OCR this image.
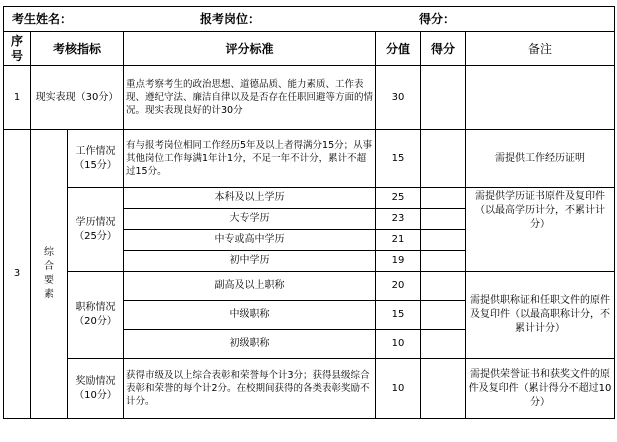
考生姓名： 报考岗位： 得分：						

序号	考核指标		评分标准	分值	得分	备注
1	现实表现（30分）		重点考察考生的政治思想、道德品质、能力素质、工作表现、遵纪守法、廉洁自律以及是否存在任职回避等方面的情况。现实表现良好的计30分	30		
3	综合要素	工作情况（15分）	有与报考岗位相同工作经历5年及以上者得满分15分；从事其他岗位工作每满1年计1分，不足一年不计分，累计不超过15分。	15		需提供工作经历证明
		学历情况（25分）	本科及以上学历	25		需提供学历证书原件及复印件（以最高学历计分，不累计计分）
			大专学历	23		
			中专或高中学历	21		
			初中学历	19		
		职称情况（20分）	副高及以上职称	20		需提供职称证和任职文件的原件及复印件（以最高职称计分，不累计计分）
			中级职称	15		
			初级职称	10		
		奖励情况（10分）	获得市级及以上综合表彰和荣誉每个计3分；获得县级综合表彰和荣誉的每个计2分。在校期间获得的各类表彰奖励不计分。	10		需提供荣誉证书和获奖文件的原件及复印件（累计得分不超过10分）
